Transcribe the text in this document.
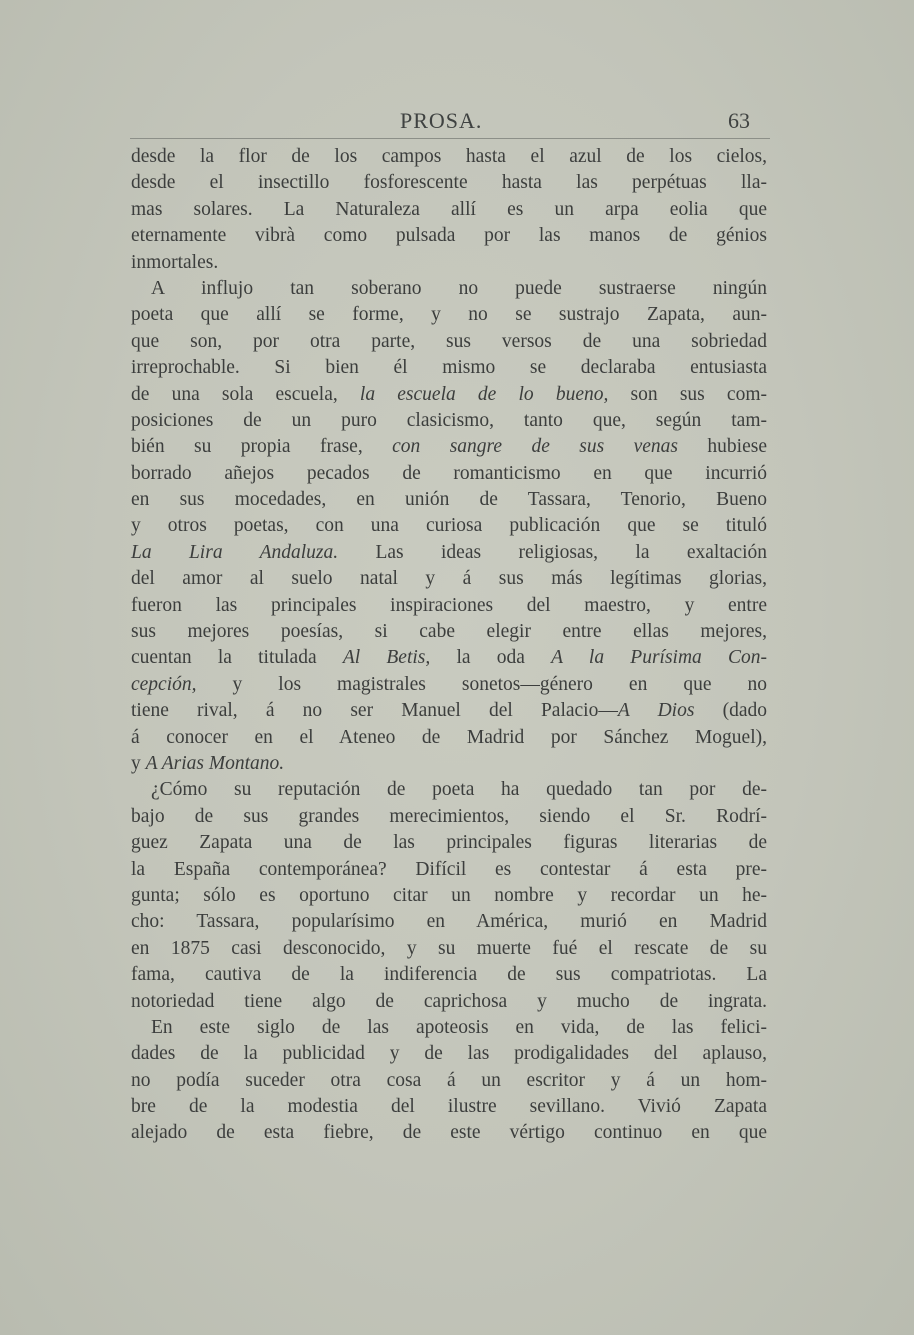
PROSA.	63
desde la flor de los campos hasta el azul de los cielos,
desde el insectillo fosforescente hasta las perpétuas lla-
mas solares. La Naturaleza allí es un arpa eolia que
eternamente vibrà como pulsada por las manos de génios
inmortales.
A influjo tan soberano no puede sustraerse ningún
poeta que allí se forme, y no se sustrajo Zapata, aun-
que son, por otra parte, sus versos de una sobriedad
irreprochable. Si bien él mismo se declaraba entusiasta
de una sola escuela, la escuela de lo bueno, son sus com-
posiciones de un puro clasicismo, tanto que, según tam-
bién su propia frase, con sangre de sus venas hubiese
borrado añejos pecados de romanticismo en que incurrió
en sus mocedades, en unión de Tassara, Tenorio, Bueno
y otros poetas, con una curiosa publicación que se tituló
La Lira Andaluza. Las ideas religiosas, la exaltación
del amor al suelo natal y á sus más legítimas glorias,
fueron las principales inspiraciones del maestro, y entre
sus mejores poesías, si cabe elegir entre ellas mejores,
cuentan la titulada Al Betis, la oda A la Purísima Con-
cepción, y los magistrales sonetos—género en que no
tiene rival, á no ser Manuel del Palacio—A Dios (dado
á conocer en el Ateneo de Madrid por Sánchez Moguel),
y A Arias Montano.
¿Cómo su reputación de poeta ha quedado tan por de-
bajo de sus grandes merecimientos, siendo el Sr. Rodrí-
guez Zapata una de las principales figuras literarias de
la España contemporánea? Difícil es contestar á esta pre-
gunta; sólo es oportuno citar un nombre y recordar un he-
cho: Tassara, popularísimo en América, murió en Madrid
en 1875 casi desconocido, y su muerte fué el rescate de su
fama, cautiva de la indiferencia de sus compatriotas. La
notoriedad tiene algo de caprichosa y mucho de ingrata.
En este siglo de las apoteosis en vida, de las felici-
dades de la publicidad y de las prodigalidades del aplauso,
no podía suceder otra cosa á un escritor y á un hom-
bre de la modestia del ilustre sevillano. Vivió Zapata
alejado de esta fiebre, de este vértigo continuo en que
